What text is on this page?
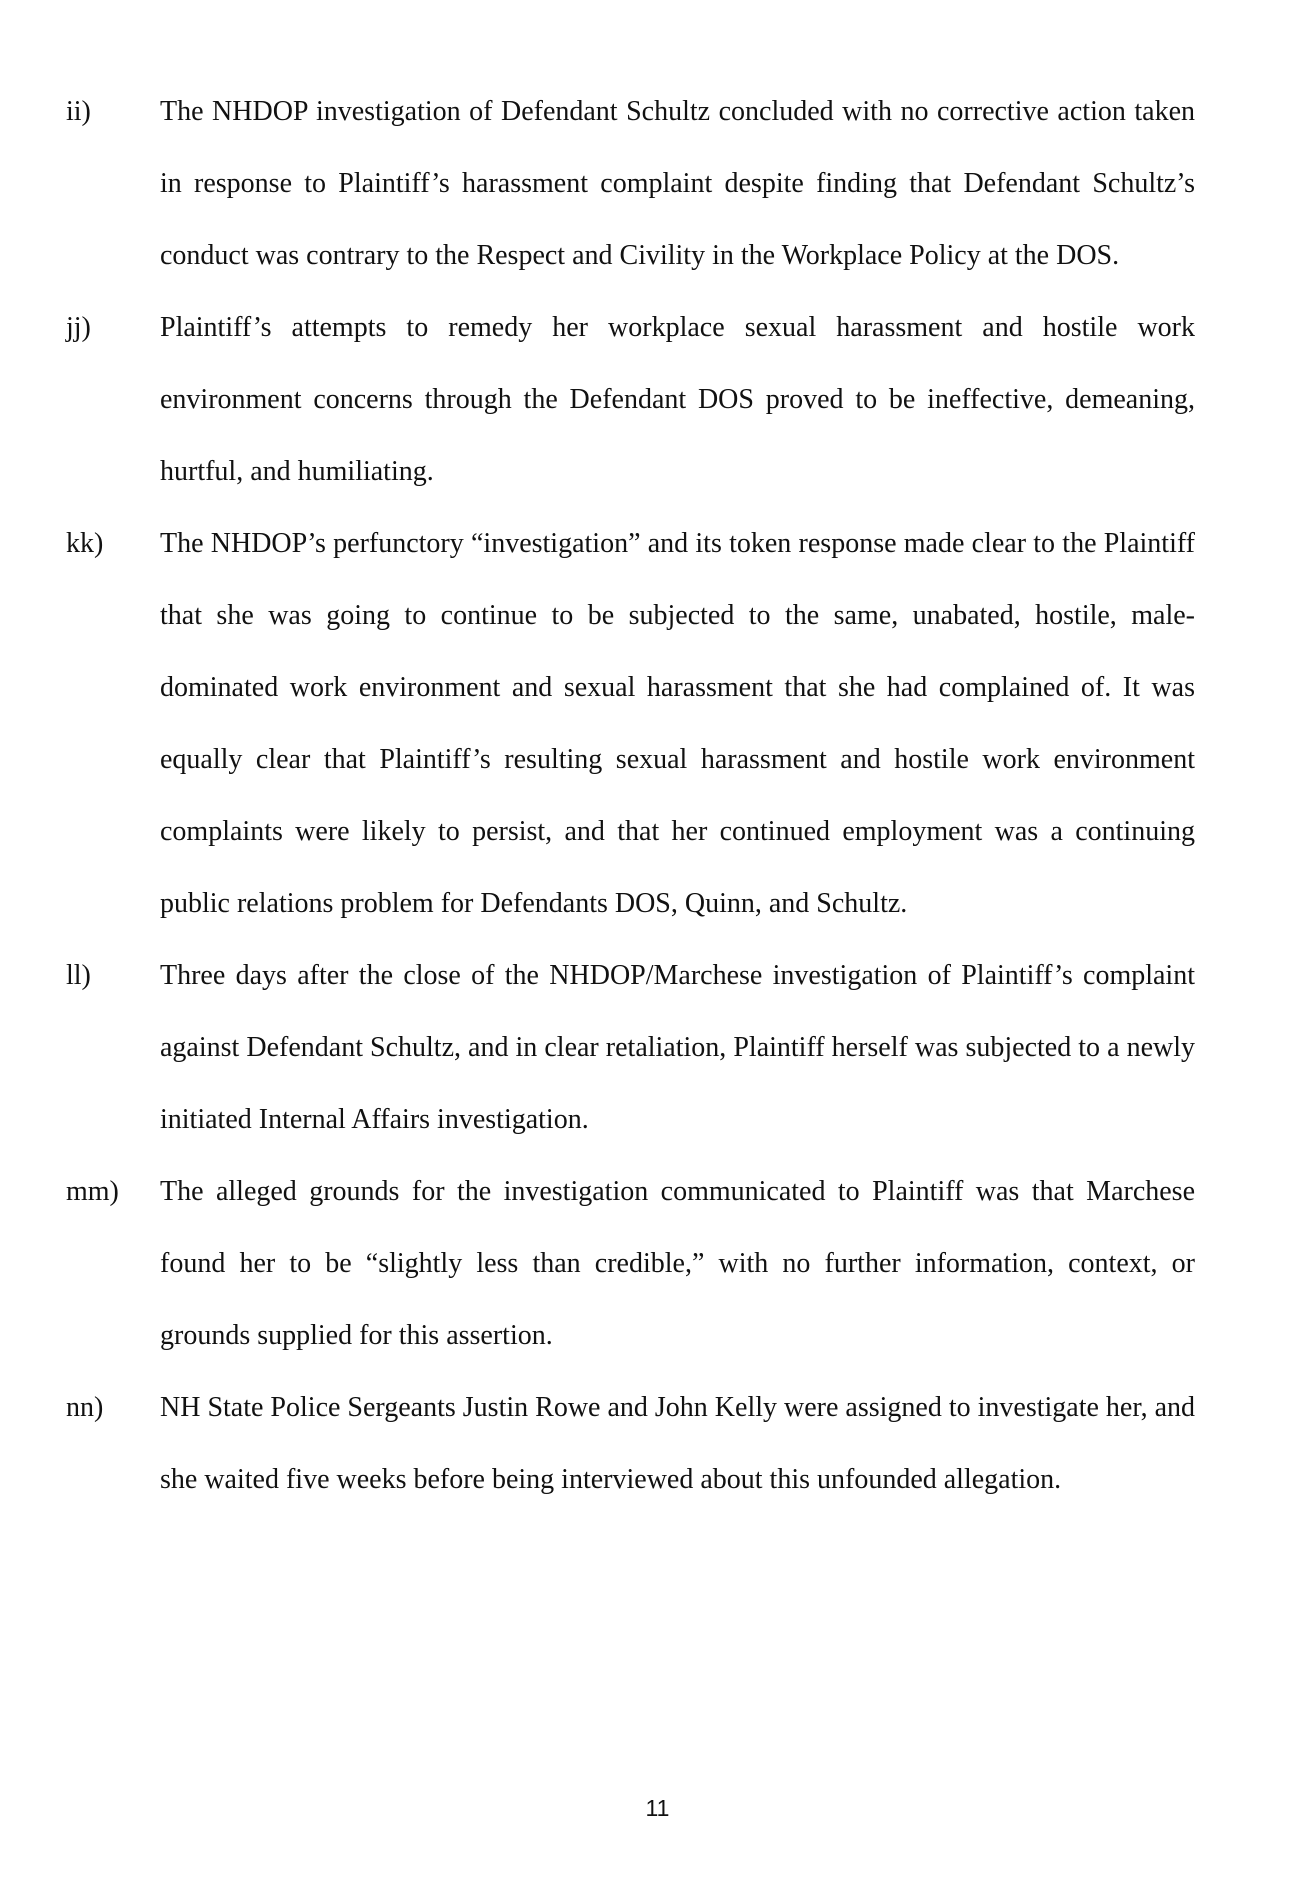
ii) The NHDOP investigation of Defendant Schultz concluded with no corrective action taken in response to Plaintiff’s harassment complaint despite finding that Defendant Schultz’s conduct was contrary to the Respect and Civility in the Workplace Policy at the DOS.
jj) Plaintiff’s attempts to remedy her workplace sexual harassment and hostile work environment concerns through the Defendant DOS proved to be ineffective, demeaning, hurtful, and humiliating.
kk) The NHDOP’s perfunctory “investigation” and its token response made clear to the Plaintiff that she was going to continue to be subjected to the same, unabated, hostile, male-dominated work environment and sexual harassment that she had complained of. It was equally clear that Plaintiff’s resulting sexual harassment and hostile work environment complaints were likely to persist, and that her continued employment was a continuing public relations problem for Defendants DOS, Quinn, and Schultz.
ll) Three days after the close of the NHDOP/Marchese investigation of Plaintiff’s complaint against Defendant Schultz, and in clear retaliation, Plaintiff herself was subjected to a newly initiated Internal Affairs investigation.
mm) The alleged grounds for the investigation communicated to Plaintiff was that Marchese found her to be “slightly less than credible,” with no further information, context, or grounds supplied for this assertion.
nn) NH State Police Sergeants Justin Rowe and John Kelly were assigned to investigate her, and she waited five weeks before being interviewed about this unfounded allegation.
11
